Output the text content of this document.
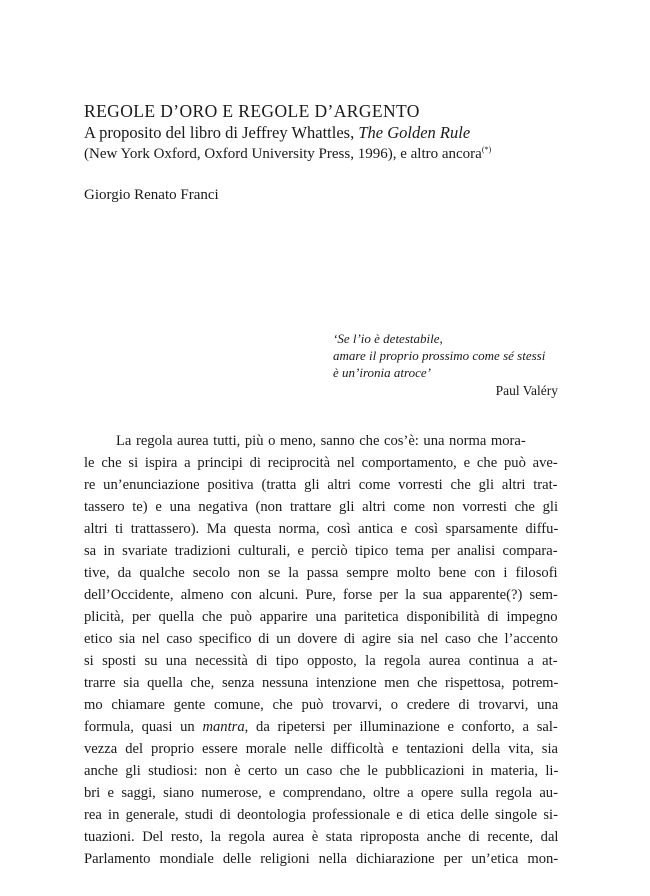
REGOLE D’ORO E REGOLE D’ARGENTO
A proposito del libro di Jeffrey Whattles, The Golden Rule
(New York Oxford, Oxford University Press, 1996), e altro ancora(*)
Giorgio Renato Franci
‘Se l’io è detestabile,
amare il proprio prossimo come sé stessi
è un’ironia atroce’
Paul Valéry
La regola aurea tutti, più o meno, sanno che cos’è: una norma mora-
le che si ispira a principi di reciprocità nel comportamento, e che può ave-
re un’enunciazione positiva (tratta gli altri come vorresti che gli altri trat-
tassero te) e una negativa (non trattare gli altri come non vorresti che gli
altri ti trattassero). Ma questa norma, così antica e così sparsamente diffu-
sa in svariate tradizioni culturali, e perciò tipico tema per analisi compara-
tive, da qualche secolo non se la passa sempre molto bene con i filosofi
dell’Occidente, almeno con alcuni. Pure, forse per la sua apparente(?) sem-
plicità, per quella che può apparire una paritetica disponibilità di impegno
etico sia nel caso specifico di un dovere di agire sia nel caso che l’accento
si sposti su una necessità di tipo opposto, la regola aurea continua a at-
trarre sia quella che, senza nessuna intenzione men che rispettosa, potrem-
mo chiamare gente comune, che può trovarvi, o credere di trovarvi, una
formula, quasi un mantra, da ripetersi per illuminazione e conforto, a sal-
vezza del proprio essere morale nelle difficoltà e tentazioni della vita, sia
anche gli studiosi: non è certo un caso che le pubblicazioni in materia, li-
bri e saggi, siano numerose, e comprendano, oltre a opere sulla regola au-
rea in generale, studi di deontologia professionale e di etica delle singole si-
tuazioni. Del resto, la regola aurea è stata riproposta anche di recente, dal
Parlamento mondiale delle religioni nella dichiarazione per un’etica mon-
